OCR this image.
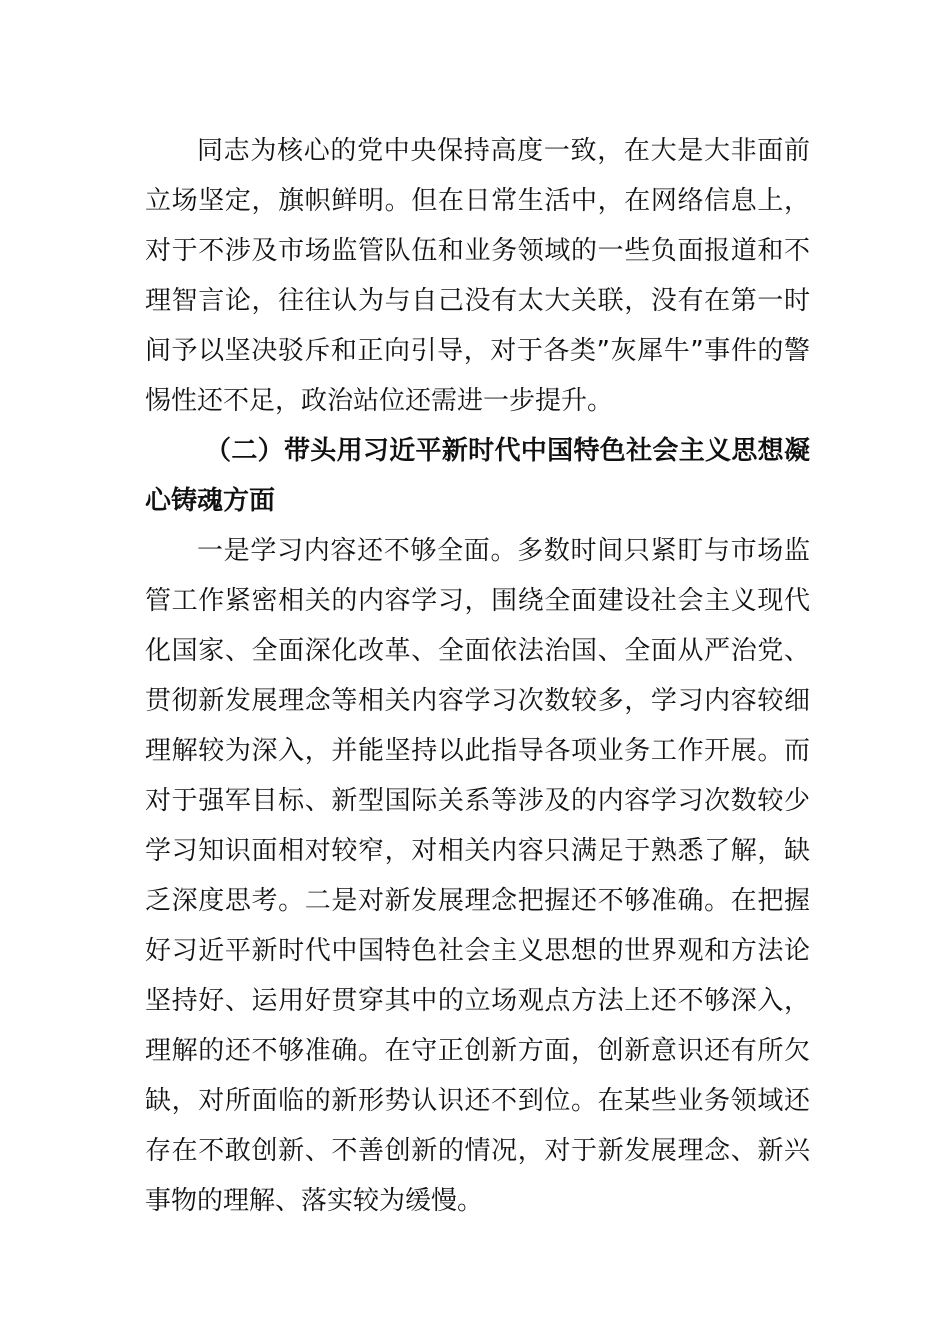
同志为核心的党中央保持高度一致，在大是大非面前立场坚定，旗帜鲜明。但在日常生活中，在网络信息上，对于不涉及市场监管队伍和业务领域的一些负面报道和不理智言论，往往认为与自己没有太大关联，没有在第一时间予以坚决驳斥和正向引导，对于各类”灰犀牛”事件的警惕性还不足，政治站位还需进一步提升。

（二）带头用习近平新时代中国特色社会主义思想凝心铸魂方面

一是学习内容还不够全面。多数时间只紧盯与市场监管工作紧密相关的内容学习，围绕全面建设社会主义现代化国家、全面深化改革、全面依法治国、全面从严治党、贯彻新发展理念等相关内容学习次数较多，学习内容较细理解较为深入，并能坚持以此指导各项业务工作开展。而对于强军目标、新型国际关系等涉及的内容学习次数较少学习知识面相对较窄，对相关内容只满足于熟悉了解，缺乏深度思考。二是对新发展理念把握还不够准确。在把握好习近平新时代中国特色社会主义思想的世界观和方法论坚持好、运用好贯穿其中的立场观点方法上还不够深入，理解的还不够准确。在守正创新方面，创新意识还有所欠缺，对所面临的新形势认识还不到位。在某些业务领域还存在不敢创新、不善创新的情况，对于新发展理念、新兴事物的理解、落实较为缓慢。
